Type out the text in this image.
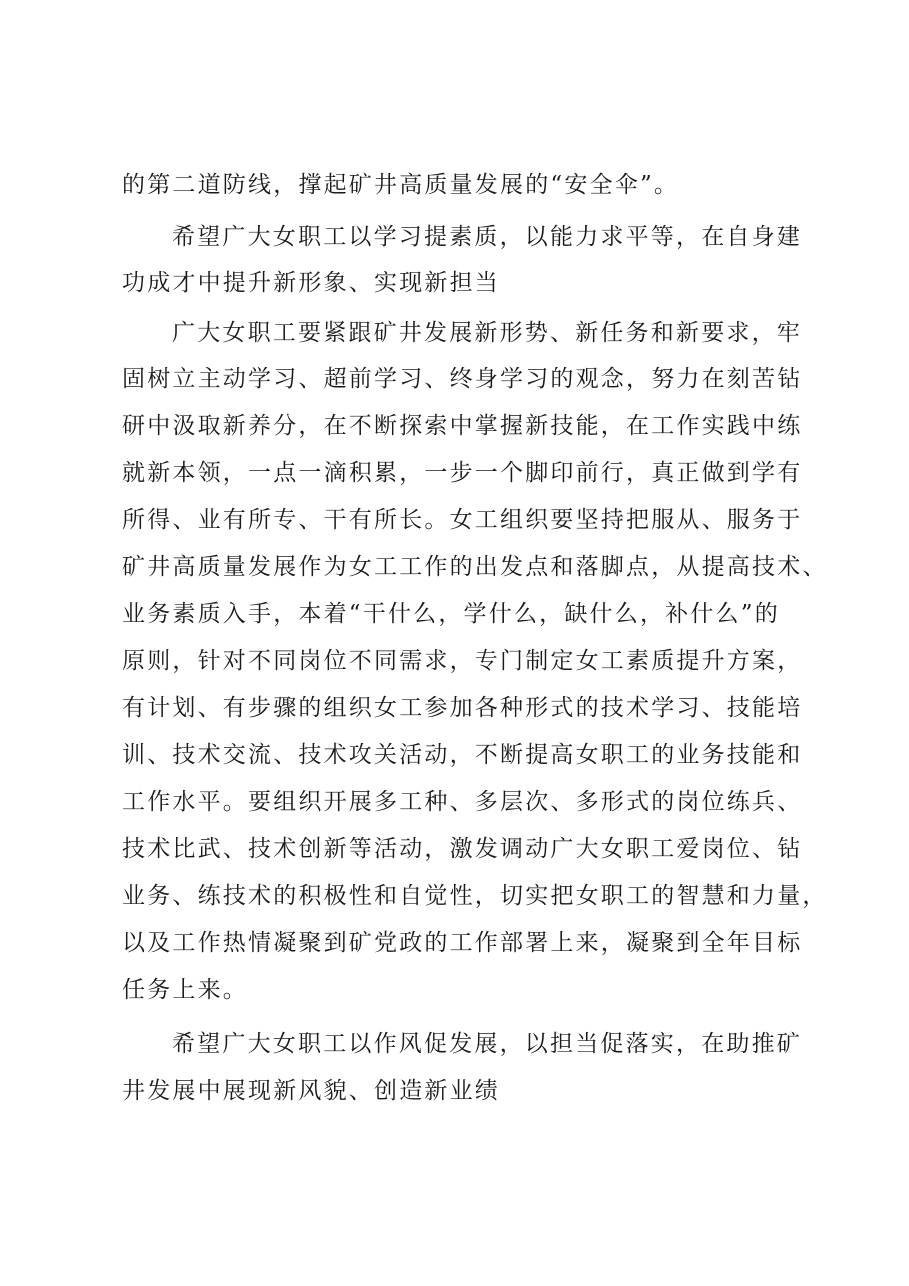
的第二道防线，撑起矿井高质量发展的“安全伞”。
希望广大女职工以学习提素质，以能力求平等，在自身建
功成才中提升新形象、实现新担当
广大女职工要紧跟矿井发展新形势、新任务和新要求，牢
固树立主动学习、超前学习、终身学习的观念，努力在刻苦钻
研中汲取新养分，在不断探索中掌握新技能，在工作实践中练
就新本领，一点一滴积累，一步一个脚印前行，真正做到学有
所得、业有所专、干有所长。女工组织要坚持把服从、服务于
矿井高质量发展作为女工工作的出发点和落脚点，从提高技术、
业务素质入手，本着“干什么，学什么，缺什么，补什么”的
原则，针对不同岗位不同需求，专门制定女工素质提升方案，
有计划、有步骤的组织女工参加各种形式的技术学习、技能培
训、技术交流、技术攻关活动，不断提高女职工的业务技能和
工作水平。要组织开展多工种、多层次、多形式的岗位练兵、
技术比武、技术创新等活动，激发调动广大女职工爱岗位、钻
业务、练技术的积极性和自觉性，切实把女职工的智慧和力量，
以及工作热情凝聚到矿党政的工作部署上来，凝聚到全年目标
任务上来。
希望广大女职工以作风促发展，以担当促落实，在助推矿
井发展中展现新风貌、创造新业绩
